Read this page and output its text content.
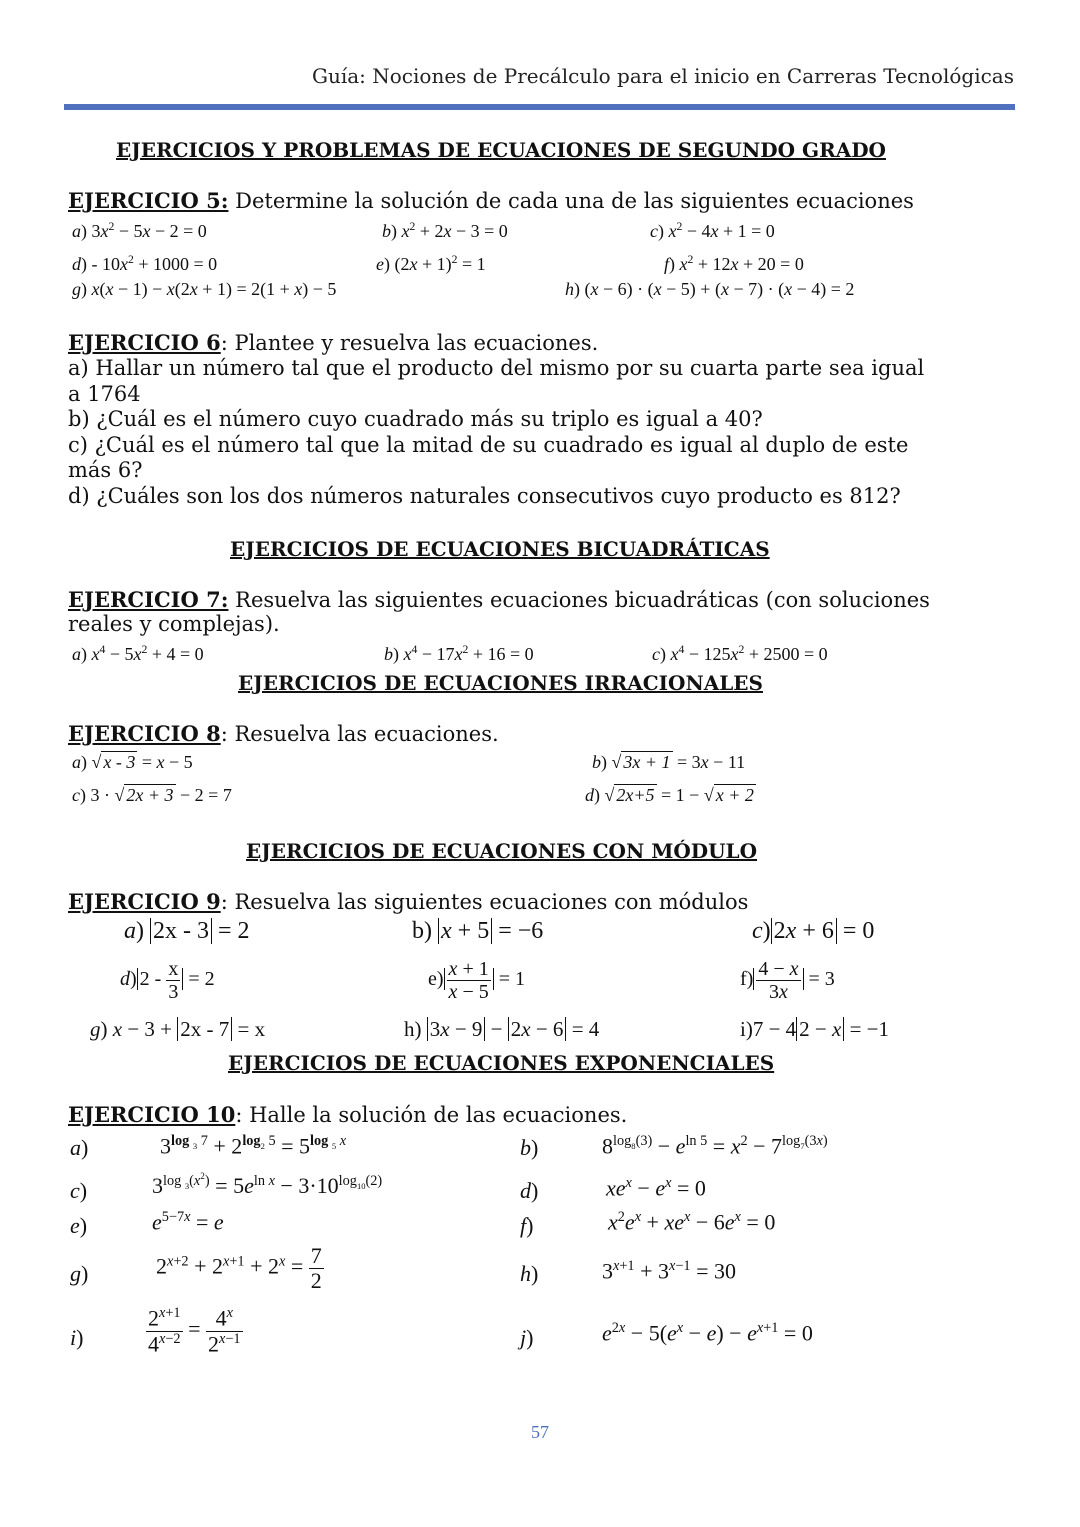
Guía: Nociones de Precálculo para el inicio en Carreras Tecnológicas
EJERCICIOS Y PROBLEMAS DE ECUACIONES DE SEGUNDO GRADO
EJERCICIO 5: Determine la solución de cada una de las siguientes ecuaciones
a) $3x^2 - 5x - 2 = 0$	b) $x^2 + 2x - 3 = 0$	c) $x^2 - 4x + 1 = 0$
$d) - 10x^2 + 1000 = 0$	e) $(2x + 1)^2 = 1$	f) $x^2 + 12x + 20 = 0$
g) x(x − 1) − x(2x + 1) = 2(1 + x) − 5	h) (x − 6) · (x − 5) + (x − 7) · (x − 4) = 2
EJERCICIO 6: Plantee y resuelva las ecuaciones.
a) Hallar un número tal que el producto del mismo por su cuarta parte sea igual
a 1764
b) ¿Cuál es el número cuyo cuadrado más su triplo es igual a 40?
c) ¿Cuál es el número tal que la mitad de su cuadrado es igual al duplo de este
más 6?
d) ¿Cuáles son los dos números naturales consecutivos cuyo producto es 812?
EJERCICIOS DE ECUACIONES BICUADRÁTICAS
EJERCICIO 7: Resuelva las siguientes ecuaciones bicuadráticas (con soluciones
reales y complejas).
a) $x^4 - 5x^2 + 4 = 0$	b) $x^4 - 17x^2 + 16 = 0$	c) $x^4 - 125x^2 + 2500 = 0$
EJERCICIOS DE ECUACIONES IRRACIONALES
EJERCICIO 8: Resuelva las ecuaciones.
a) √ x - 3 = x − 5	b) √ 3x + 1 = 3x − 11
c) 3 · √ 2x + 3 − 2 = 7	d) √ 2x+5 = 1 − √ x + 2
EJERCICIOS DE ECUACIONES CON MÓDULO
EJERCICIO 9: Resuelva las siguientes ecuaciones con módulos
a) 2x - 3 = 2	b) x + 5 = −6	c) 2x + 6 = 0
d) $2 - \frac{x}{3} = 2$	$e) \frac{x + 1}{x - 5} = 1$	$f) \frac{4 - x}{3x} = 3$
g) x − 3 + 2x - 7 = x	h) 3x − 9 − 2x − 6 = 4	i)7 − 4 2 − x = −1
EJERCICIOS DE ECUACIONES EXPONENCIALES
EJERCICIO 10: Halle la solución de las ecuaciones.
a)	$3^{log _3 7} + 2^{log_2 5} = 5^{log _5 x}$	b)	$8^{log_8(3)} - e^{ln 5} = x^2 - 7^{log_7(3x)}$
c)	$3^{log _3(x^2)} = 5e^{ln x} - 3\cdot 10^{log_{10}(2)}$	d)	$xe^x - e^x = 0$
e)	$e^{5-7x} = e$	f)	$x^2e^x + xe^x - 6e^x = 0$
g)	$2^{x+2} + 2^{x+1} + 2^x = \frac{7}{2}$	h)	$3^{x+1} + 3^{x-1} = 30$
i)	$\frac{2^{x+1}}{4^{x-2}} = \frac{4^x}{2^{x-1}}$	j)	$e^{2x} - 5(e^x - e) - e^{x+1} = 0$
57
